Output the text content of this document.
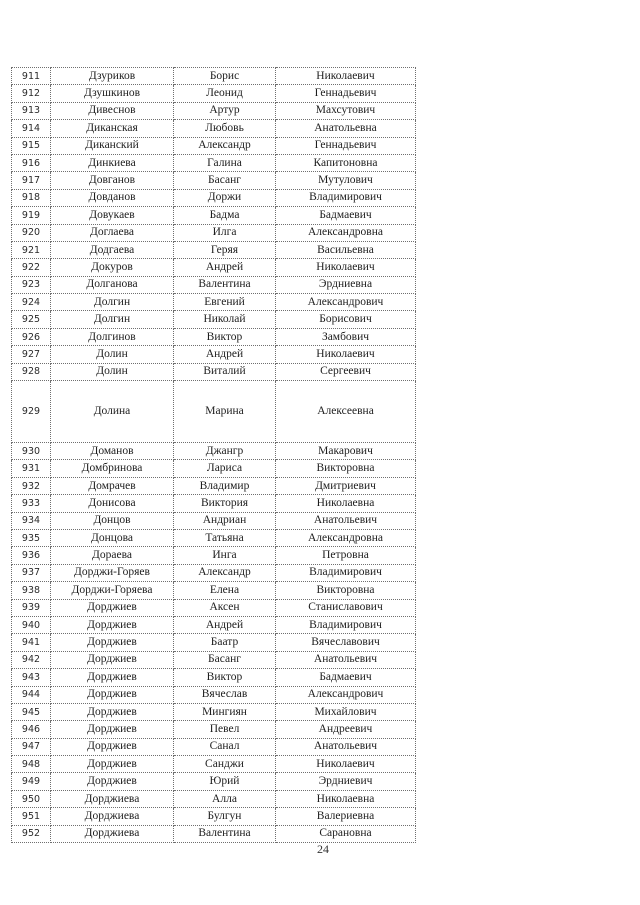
911	Дзуриков	Борис	Николаевич
912	Дзушкинов	Леонид	Геннадьевич
913	Дивеснов	Артур	Махсутович
914	Диканская	Любовь	Анатольевна
915	Диканский	Александр	Геннадьевич
916	Динкиева	Галина	Капитоновна
917	Довганов	Басанг	Мутулович
918	Довданов	Доржи	Владимирович
919	Довукаев	Бадма	Бадмаевич
920	Доглаева	Илга	Александровна
921	Додгаева	Геряя	Васильевна
922	Докуров	Андрей	Николаевич
923	Долганова	Валентина	Эрдниевна
924	Долгин	Евгений	Александрович
925	Долгин	Николай	Борисович
926	Долгинов	Виктор	Замбович
927	Долин	Андрей	Николаевич
928	Долин	Виталий	Сергеевич
929	Долина	Марина	Алексеевна
930	Доманов	Джангр	Макарович
931	Домбринова	Лариса	Викторовна
932	Домрачев	Владимир	Дмитриевич
933	Донисова	Виктория	Николаевна
934	Донцов	Андриан	Анатольевич
935	Донцова	Татьяна	Александровна
936	Дораева	Инга	Петровна
937	Дорджи-Горяев	Александр	Владимирович
938	Дорджи-Горяева	Елена	Викторовна
939	Дорджиев	Аксен	Станиславович
940	Дорджиев	Андрей	Владимирович
941	Дорджиев	Баатр	Вячеславович
942	Дорджиев	Басанг	Анатольевич
943	Дорджиев	Виктор	Бадмаевич
944	Дорджиев	Вячеслав	Александрович
945	Дорджиев	Мингиян	Михайлович
946	Дорджиев	Певел	Андреевич
947	Дорджиев	Санал	Анатольевич
948	Дорджиев	Санджи	Николаевич
949	Дорджиев	Юрий	Эрдниевич
950	Дорджиева	Алла	Николаевна
951	Дорджиева	Булгун	Валериевна
952	Дорджиева	Валентина	Сарановна
24
